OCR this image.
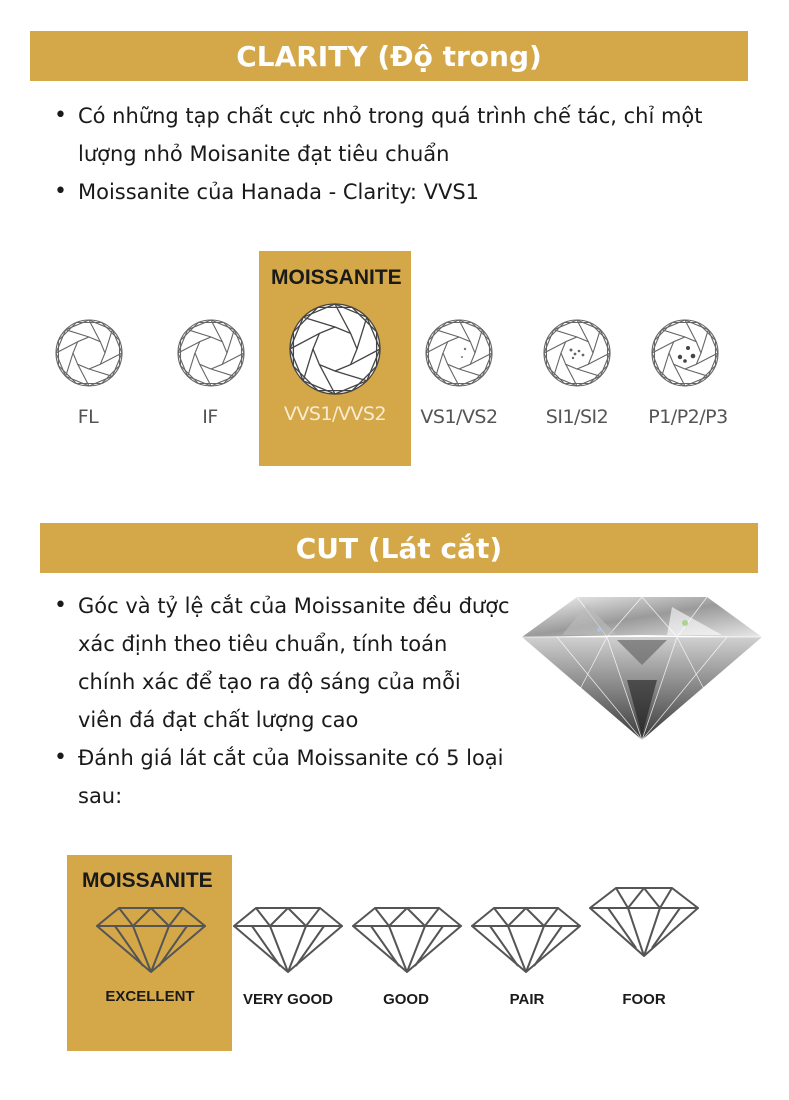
CLARITY (Độ trong)
• Có những tạp chất cực nhỏ trong quá trình chế tác, chỉ một lượng nhỏ Moisanite đạt tiêu chuẩn
• Moissanite của Hanada - Clarity: VVS1
MOISSANITE
FL	IF	VVS1/VVS2	VS1/VS2	SI1/SI2	P1/P2/P3
CUT (Lát cắt)
• Góc và tỷ lệ cắt của Moissanite đều được xác định theo tiêu chuẩn, tính toán chính xác để tạo ra độ sáng của mỗi viên đá đạt chất lượng cao
• Đánh giá lát cắt của Moissanite có 5 loại sau:
MOISSANITE
EXCELLENT	VERY GOOD	GOOD	PAIR	FOOR
